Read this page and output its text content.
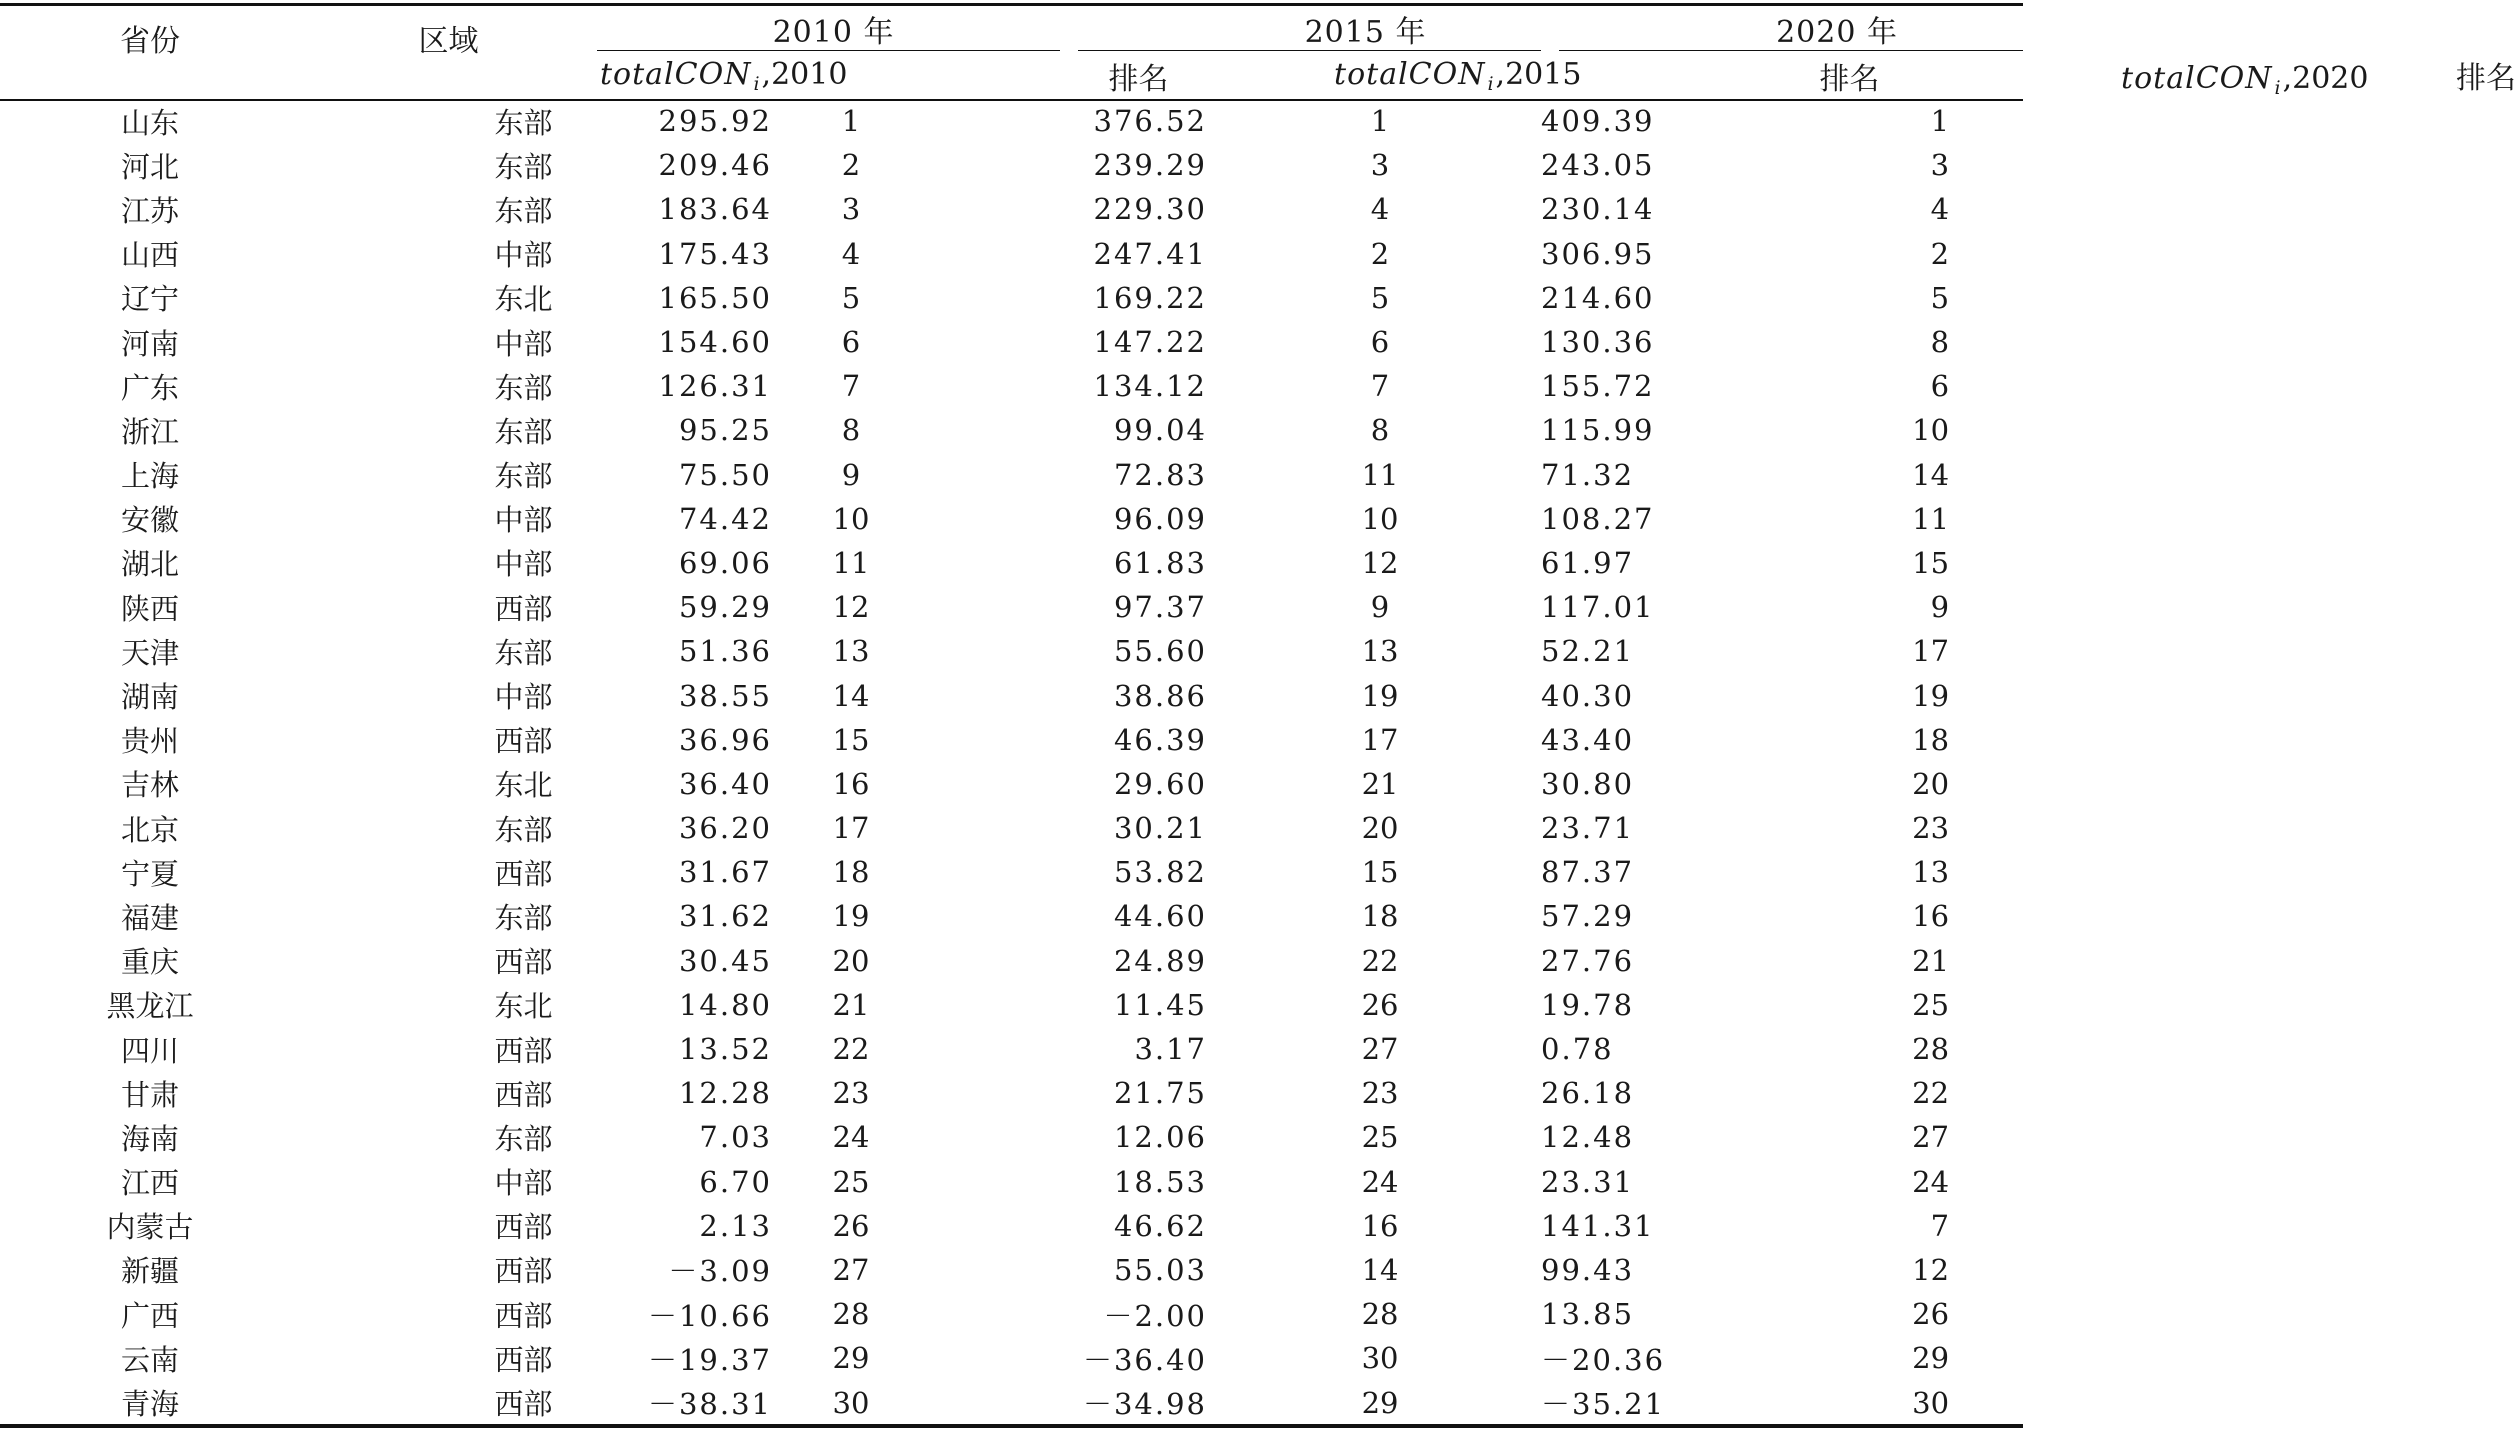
省份	区域	2010 年		2015 年		2020 年		
		totalCON $_i$,2010		排名	totalCON $_i$,2015		排名	totalCON $_i$,2020 排名
山东	东部	295.92	1	376.52	1	409.39	1	
河北	东部	209.46	2	239.29	3	243.05	3	
江苏	东部	183.64	3	229.30	4	230.14	4	
山西	中部	175.43	4	247.41	2	306.95	2	
辽宁	东北	165.50	5	169.22	5	214.60	5	
河南	中部	154.60	6	147.22	6	130.36	8	
广东	东部	126.31	7	134.12	7	155.72	6	
浙江	东部	95.25	8	99.04	8	115.99	10	
上海	东部	75.50	9	72.83	11	71.32	14	
安徽	中部	74.42	10	96.09	10	108.27	11	
湖北	中部	69.06	11	61.83	12	61.97	15	
陕西	西部	59.29	12	97.37	9	117.01	9	
天津	东部	51.36	13	55.60	13	52.21	17	
湖南	中部	38.55	14	38.86	19	40.30	19	
贵州	西部	36.96	15	46.39	17	43.40	18	
吉林	东北	36.40	16	29.60	21	30.80	20	
北京	东部	36.20	17	30.21	20	23.71	23	
宁夏	西部	31.67	18	53.82	15	87.37	13	
福建	东部	31.62	19	44.60	18	57.29	16	
重庆	西部	30.45	20	24.89	22	27.76	21	
黑龙江	东北	14.80	21	11.45	26	19.78	25	
四川	西部	13.52	22	3.17	27	0.78	28	
甘肃	西部	12.28	23	21.75	23	26.18	22	
海南	东部	7.03	24	12.06	25	12.48	27	
江西	中部	6.70	25	18.53	24	23.31	24	
内蒙古	西部	2.13	26	46.62	16	141.31	7	
新疆	西部	－3.09	27	55.03	14	99.43	12	
广西	西部	－10.66	28	－2.00	28	13.85	26	
云南	西部	－19.37	29	－36.40	30	－20.36	29	
青海	西部	－38.31	30	－34.98	29	－35.21	30	
